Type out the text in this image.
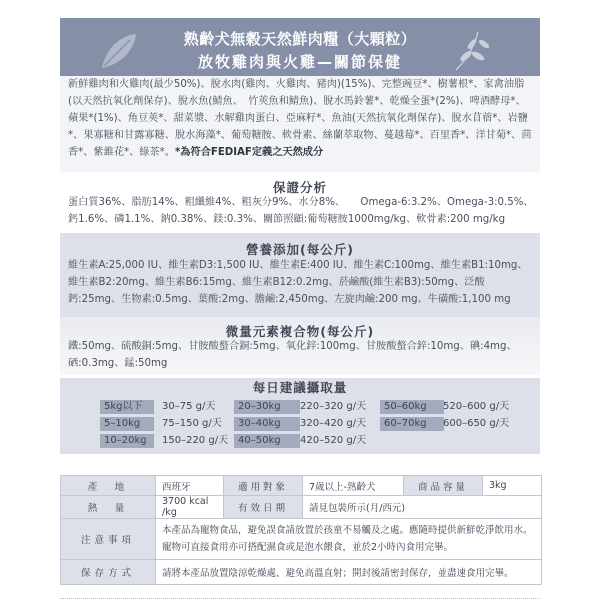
熟齡犬無穀天然鮮肉糧（大顆粒）
放牧雞肉與火雞—關節保健
新鮮雞肉和火雞肉(最少50%)、脫水肉(雞肉、火雞肉、豬肉)(15%)、完整豌豆*、樹薯根*、家禽油脂(以天然抗氧化劑保存)、脫水魚(鯖魚、　竹莢魚和鯖魚)、脫水馬鈴薯*、乾燥全蛋*(2%)、啤酒酵母*、蘋果*(1%)、角豆莢*、甜菜漿、水解雞肉蛋白、亞麻籽*、魚油(天然抗氧化劑保存)、脫水苜蓿*、岩鹽*、果寡糖和甘露寡糖、脫水海藻*、葡萄糖胺、軟骨素、絲蘭萃取物、蔓越莓*、百里香*、洋甘菊*、茴香*、紫錐花*、綠茶*。*為符合FEDIAF定義之天然成分
保證分析
蛋白質36%、脂肪14%、粗纖維4%、粗灰分9%、水分8%、　　Omega-6:3.2%、Omega-3:0.5%、鈣1.6%、磷1.1%、鈉0.38%、鎂:0.3%、關節照顧:葡萄糖胺1000mg/kg、軟骨素:200 mg/kg
營養添加(每公斤)
維生素A:25,000 IU、維生素D3:1,500 IU、維生素E:400 IU、維生素C:100mg、維生素B1:10mg、維生素B2:20mg、維生素B6:15mg、維生素B12:0.2mg、菸鹼酸(維生素B3):50mg、泛酸鈣:25mg、生物素:0.5mg、葉酸:2mg、膽鹼:2,450mg、左旋肉鹼:200 mg、牛磺酸:1,100 mg
微量元素複合物(每公斤)
鐵:50mg、硫酸銅:5mg、甘胺酸螯合銅:5mg、氧化鋅:100mg、甘胺酸螯合鋅:10mg、碘:4mg、硒:0.3mg、錳:50mg
每日建議攝取量
5kg以下	30–75 g/天	20–30kg	220–320 g/天	50–60kg	520–600 g/天
5–10kg	75–150 g/天	30–40kg	320–420 g/天	60–70kg	600–650 g/天
10–20kg	150–220 g/天 40–50kg	420–520 g/天
產　地	西班牙	適用對象	7歲以上-熟齡犬	商品容量	3kg
熱　量	3700 kcal /kg	有效日期	請見包裝所示(月/西元)		
注意事項	本產品為寵物食品，避免誤食請放置於孩童不易觸及之處。應隨時提供新鮮乾淨飲用水。寵物可直接食用亦可搭配濕食或是泡水餵食，並於2小時內食用完畢。				
保存方式	請將本產品放置陰涼乾燥處、避免高溫直射；開封後請密封保存，並盡速食用完畢。				
